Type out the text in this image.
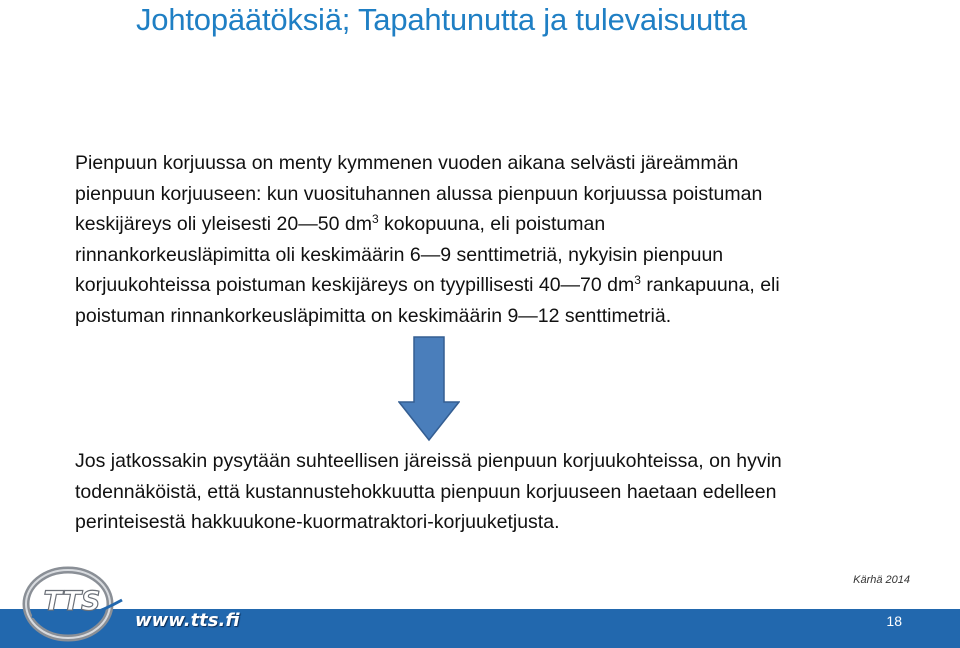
Johtopäätöksiä; Tapahtunutta ja tulevaisuutta

Pienpuun korjuussa on menty kymmenen vuoden aikana selvästi järeämmän
pienpuun korjuuseen: kun vuosituhannen alussa pienpuun korjuussa poistuman
keskijäreys oli yleisesti 20—50 $dm^3$ kokopuuna, eli poistuman
rinnankorkeusläpimitta oli keskimäärin 6—9 senttimetriä, nykyisin pienpuun
korjuukohteissa poistuman keskijäreys on tyypillisesti 40—70 $dm^3$ rankapuuna, eli
poistuman rinnankorkeusläpimitta on keskimäärin 9—12 senttimetriä.

Jos jatkossakin pysytään suhteellisen järeissä pienpuun korjuukohteissa, on hyvin
todennäköistä, että kustannustehokkuutta pienpuun korjuuseen haetaan edelleen
perinteisestä hakkuukone-kuormatraktori-korjuuketjusta.

Kärhä 2014
TTS
www.tts.fi	18
